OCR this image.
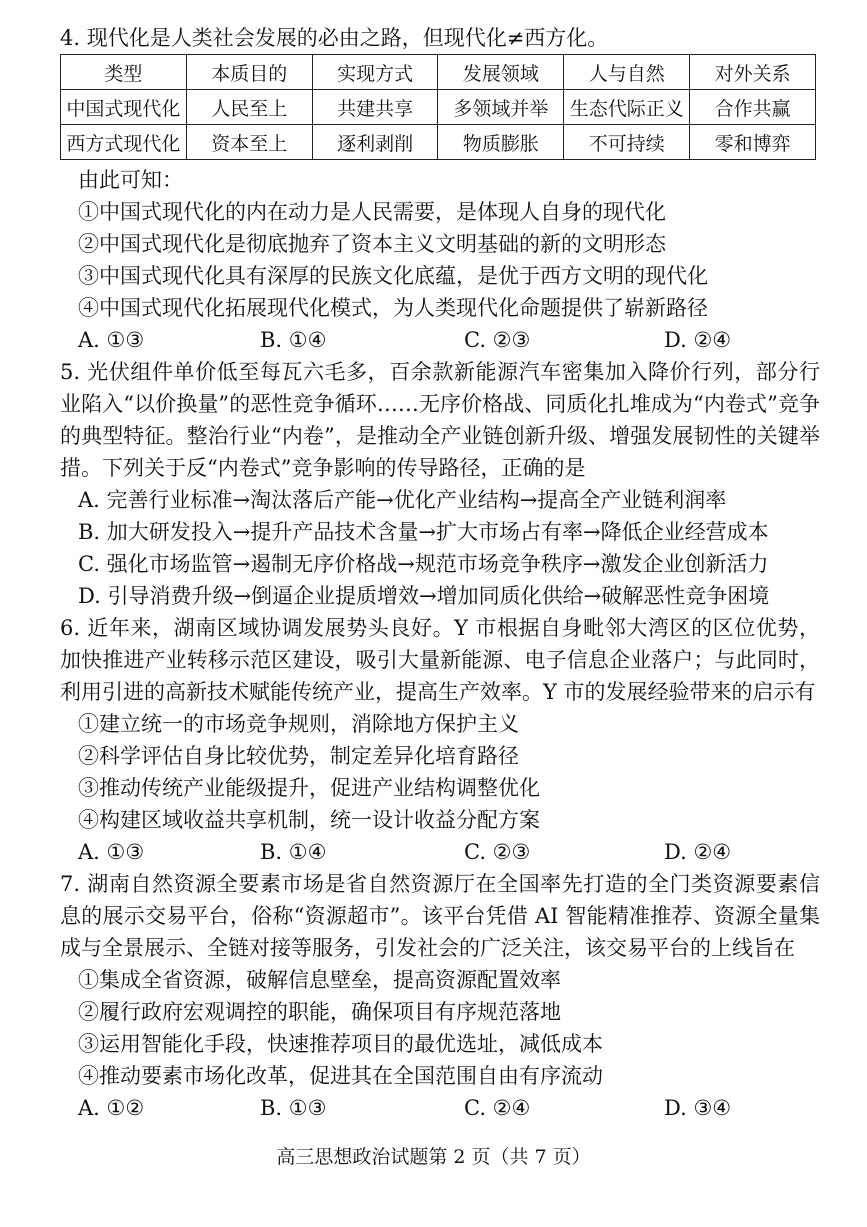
4. 现代化是人类社会发展的必由之路，但现代化≠西方化。
类型	本质目的	实现方式	发展领域	人与自然	对外关系
中国式现代化	人民至上	共建共享	多领域并举	生态代际正义	合作共赢
西方式现代化	资本至上	逐利剥削	物质膨胀	不可持续	零和博弈
由此可知：
①中国式现代化的内在动力是人民需要，是体现人自身的现代化
②中国式现代化是彻底抛弃了资本主义文明基础的新的文明形态
③中国式现代化具有深厚的民族文化底蕴，是优于西方文明的现代化
④中国式现代化拓展现代化模式，为人类现代化命题提供了崭新路径
A. ①③	B. ①④	C. ②③	D. ②④
5. 光伏组件单价低至每瓦六毛多，百余款新能源汽车密集加入降价行列，部分行业陷入“以价换量”的恶性竞争循环……无序价格战、同质化扎堆成为“内卷式”竞争的典型特征。整治行业“内卷”，是推动全产业链创新升级、增强发展韧性的关键举措。下列关于反“内卷式”竞争影响的传导路径，正确的是
A. 完善行业标准→淘汰落后产能→优化产业结构→提高全产业链利润率
B. 加大研发投入→提升产品技术含量→扩大市场占有率→降低企业经营成本
C. 强化市场监管→遏制无序价格战→规范市场竞争秩序→激发企业创新活力
D. 引导消费升级→倒逼企业提质增效→增加同质化供给→破解恶性竞争困境
6. 近年来，湖南区域协调发展势头良好。Y 市根据自身毗邻大湾区的区位优势，加快推进产业转移示范区建设，吸引大量新能源、电子信息企业落户；与此同时，利用引进的高新技术赋能传统产业，提高生产效率。Y 市的发展经验带来的启示有
①建立统一的市场竞争规则，消除地方保护主义
②科学评估自身比较优势，制定差异化培育路径
③推动传统产业能级提升，促进产业结构调整优化
④构建区域收益共享机制，统一设计收益分配方案
A. ①③	B. ①④	C. ②③	D. ②④
7. 湖南自然资源全要素市场是省自然资源厅在全国率先打造的全门类资源要素信息的展示交易平台，俗称“资源超市”。该平台凭借 AI 智能精准推荐、资源全量集成与全景展示、全链对接等服务，引发社会的广泛关注，该交易平台的上线旨在
①集成全省资源，破解信息壁垒，提高资源配置效率
②履行政府宏观调控的职能，确保项目有序规范落地
③运用智能化手段，快速推荐项目的最优选址，减低成本
④推动要素市场化改革，促进其在全国范围自由有序流动
A. ①②	B. ①③	C. ②④	D. ③④
高三思想政治试题第 2 页（共 7 页）
